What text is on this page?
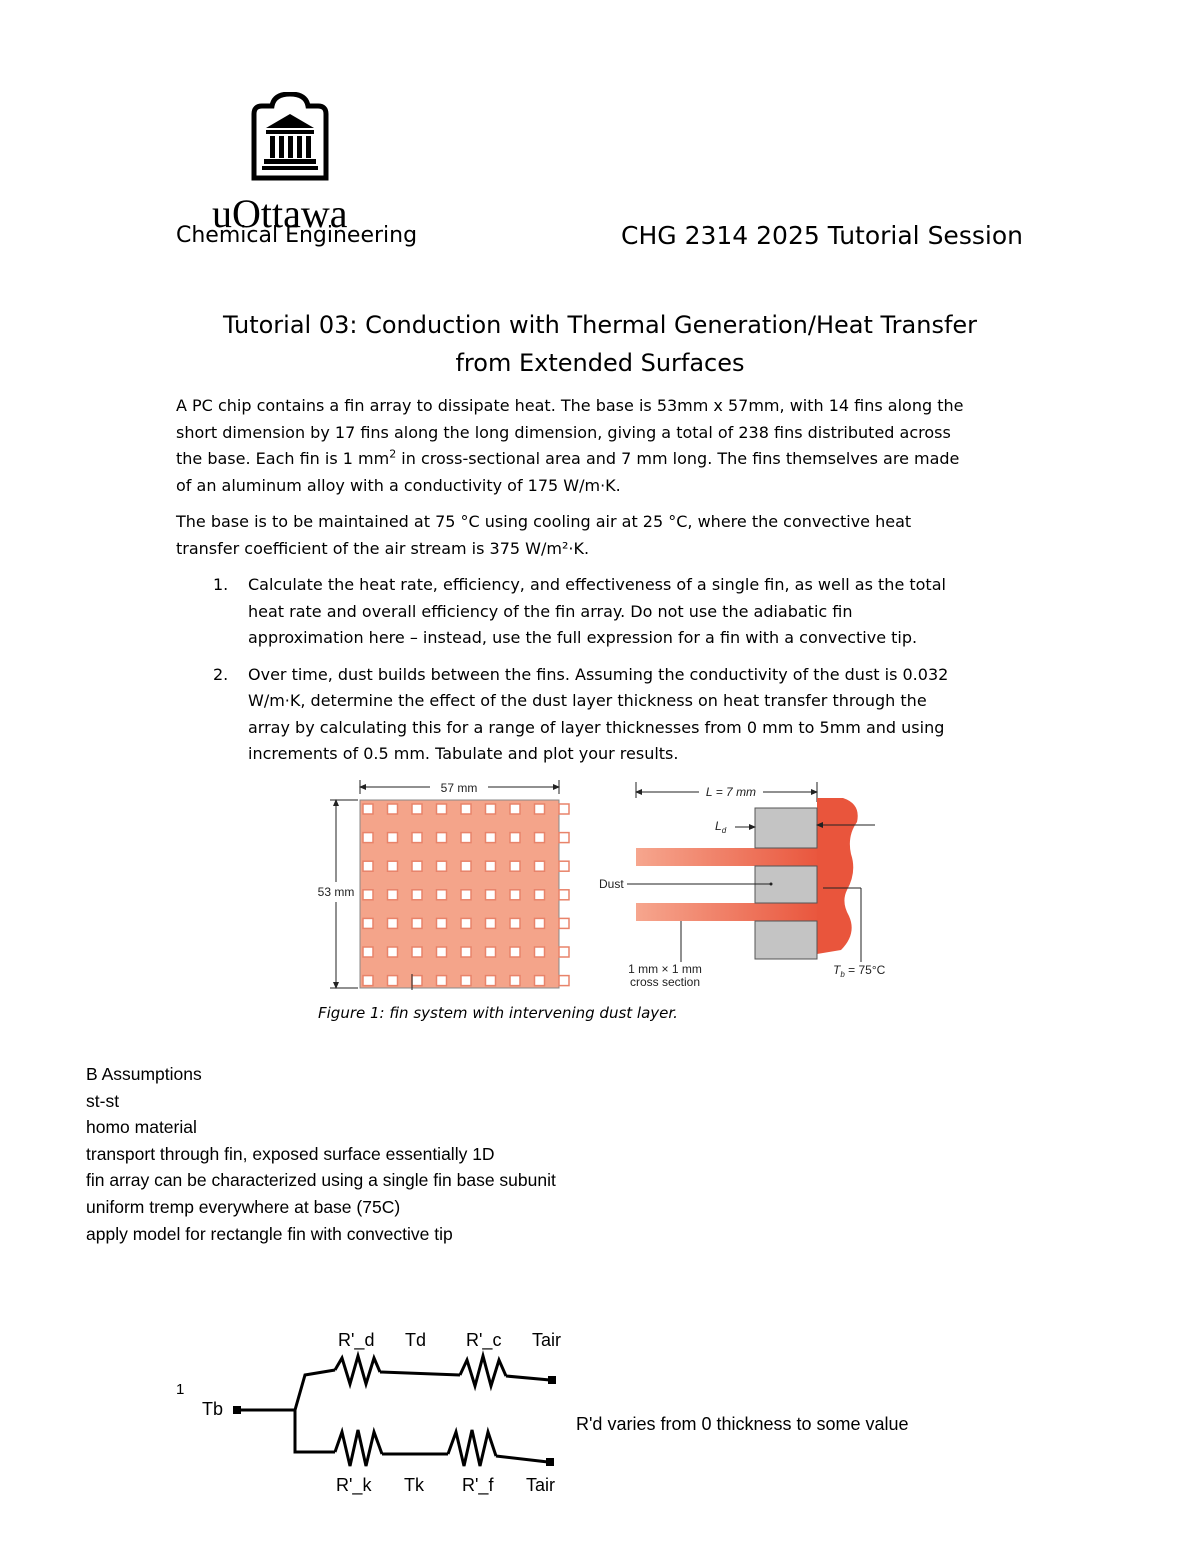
uOttawa
Chemical Engineering	CHG 2314 2025 Tutorial Session
Tutorial 03: Conduction with Thermal Generation/Heat Transfer
from Extended Surfaces

A PC chip contains a fin array to dissipate heat. The base is 53mm x 57mm, with 14 fins along the
short dimension by 17 fins along the long dimension, giving a total of 238 fins distributed across
the base. Each fin is 1 $mm^2$ in cross-sectional area and 7 mm long. The fins themselves are made
of an aluminum alloy with a conductivity of 175 W/m·K.

The base is to be maintained at 75 °C using cooling air at 25 °C, where the convective heat
transfer coefficient of the air stream is 375 W/m²·K.

1. Calculate the heat rate, efficiency, and effectiveness of a single fin, as well as the total
heat rate and overall efficiency of the fin array. Do not use the adiabatic fin
approximation here – instead, use the full expression for a fin with a convective tip.
2. Over time, dust builds between the fins. Assuming the conductivity of the dust is 0.032
W/m·K, determine the effect of the dust layer thickness on heat transfer through the
array by calculating this for a range of layer thicknesses from 0 mm to 5mm and using
increments of 0.5 mm. Tabulate and plot your results.
57 mm
53 mm
L = 7 mm
$L_d$
Dust
1 mm × 1 mm
cross section
$T_b = 75^\circ C$
Figure 1: fin system with intervening dust layer.
B Assumptions
st-st
homo material
transport through fin, exposed surface essentially 1D
fin array can be characterized using a single fin base subunit
uniform tremp everywhere at base (75C)
apply model for rectangle fin with convective tip
1
Tb
R'_d Td R'_c Tair
R'_k Tk R'_f Tair
R'd varies from 0 thickness to some value
